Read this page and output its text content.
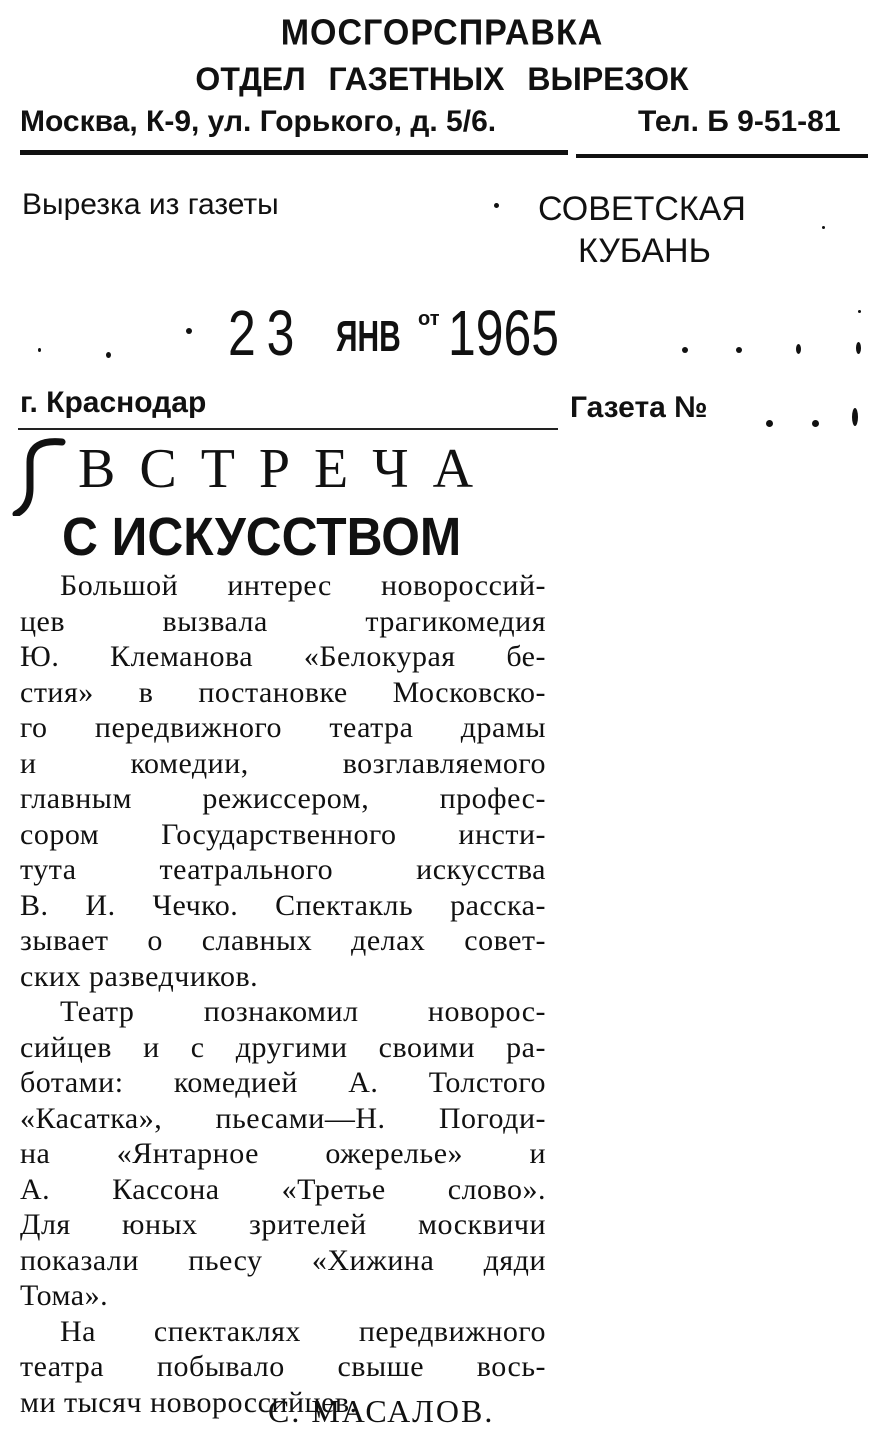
МОСГОРСПРАВКА
ОТДЕЛ ГАЗЕТНЫХ ВЫРЕЗОК
Москва, К-9, ул. Горького, д. 5/6.	Тел. Б 9-51-81
Вырезка из газеты	СОВЕТСКАЯ
КУБАНЬ
23 ЯНВ от 1965
г. Краснодар	Газета №
ВСТРЕЧА
С ИСКУССТВОМ

Большой интерес новороссий-
цев вызвала трагикомедия
Ю. Клеманова «Белокурая бе-
стия» в постановке Московско-
го передвижного театра драмы
и комедии, возглавляемого
главным режиссером, профес-
сором Государственного инсти-
тута театрального искусства
В. И. Чечко. Спектакль расска-
зывает о славных делах совет-
ских разведчиков.

Театр познакомил новорос-
сийцев и с другими своими ра-
ботами: комедией А. Толстого
«Касатка», пьесами—Н. Погоди-
на «Янтарное ожерелье» и
А. Кассона «Третье слово».
Для юных зрителей москвичи
показали пьесу «Хижина дяди
Тома».

На спектаклях передвижного
театра побывало свыше вось-
ми тысяч новороссийцев.

С. МАСАЛОВ.
